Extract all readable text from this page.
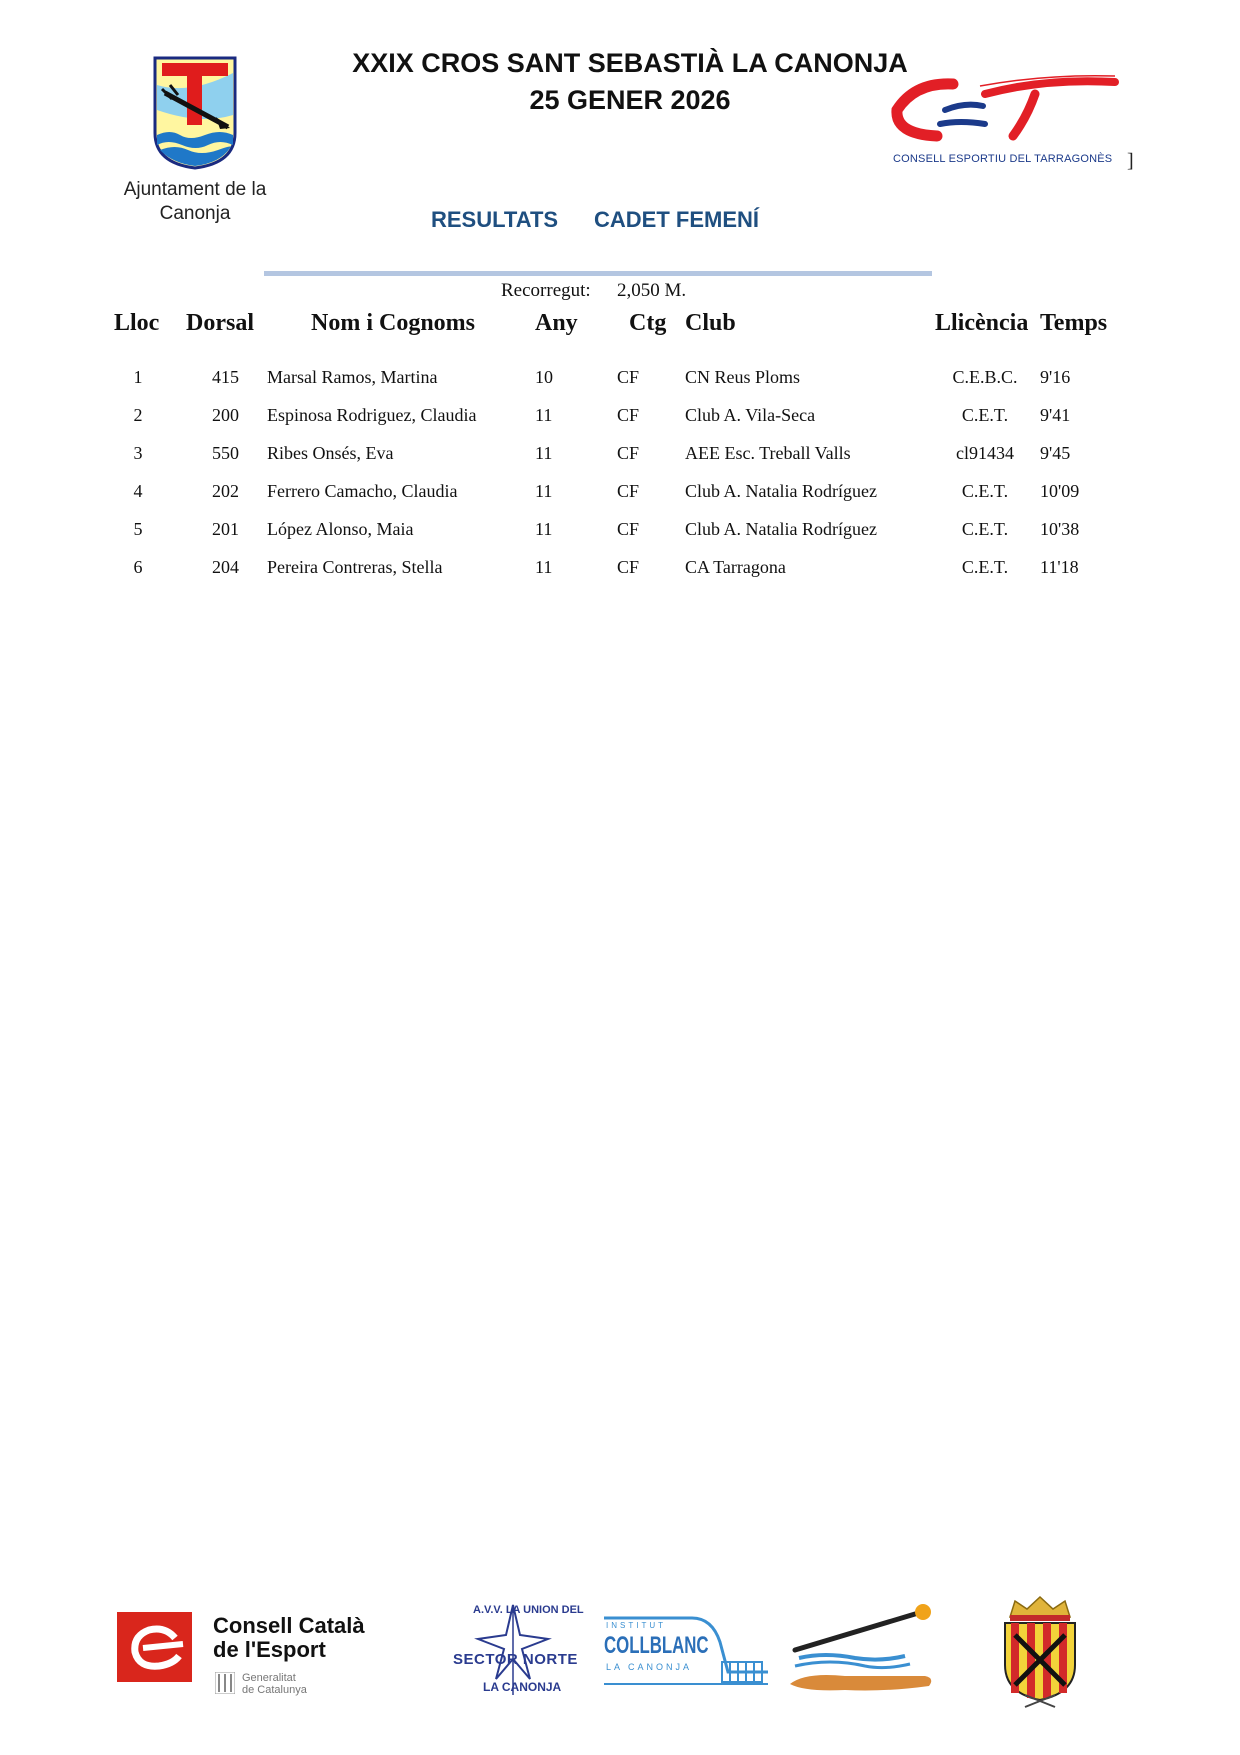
Ajuntament de la Canonja
XXIX CROS SANT SEBASTIÀ LA CANONJA
25 GENER 2026
CONSELL ESPORTIU DEL TARRAGONÈS ]
RESULTATS CADET FEMENÍ
Recorregut: 2,050 M.
Lloc Dorsal Nom i Cognoms Any Ctg Club	Llicència Temps
1	415 Marsal Ramos, Martina	10	CF	CN Reus Ploms	C.E.B.C.	9'16
2	200 Espinosa Rodriguez, Claudia	11	CF	Club A. Vila-Seca	C.E.T.	9'41
3	550 Ribes Onsés, Eva	11	CF	AEE Esc. Treball Valls	cl91434	9'45
4	202 Ferrero Camacho, Claudia	11	CF	Club A. Natalia Rodríguez	C.E.T.	10'09
5	201 López Alonso, Maia	11	CF	Club A. Natalia Rodríguez	C.E.T.	10'38
6	204 Pereira Contreras, Stella	11	CF	CA Tarragona	C.E.T.	11'18
Consell Català
de l'Esport
Generalitat
de Catalunya
A.V.V. LA UNION DEL
SECTOR NORTE
LA CANONJA
INSTITUT
COLLBLANC
LA CANONJA
